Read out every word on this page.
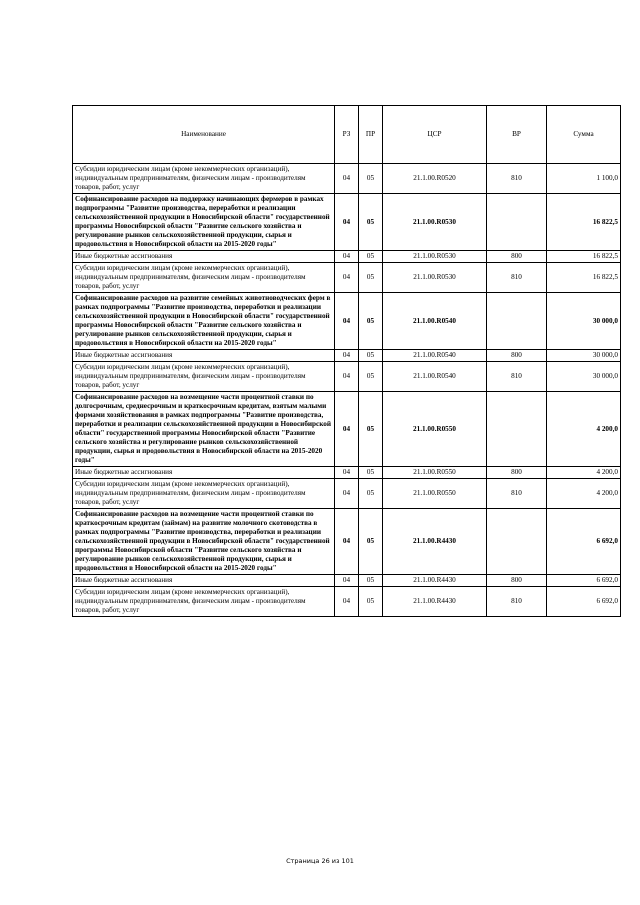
Наименование	РЗ	ПР	ЦСР	ВР	Сумма
Субсидии юридическим лицам (кроме некоммерческих организаций), индивидуальным предпринимателям, физическим лицам - производителям товаров, работ, услуг	04	05	21.1.00.R0520	810	1 100,0
Софинансирование расходов на поддержку начинающих фермеров в рамках подпрограммы "Развитие производства, переработки и реализации сельскохозяйственной продукции в Новосибирской области" государственной программы Новосибирской области "Развитие сельского хозяйства и регулирование рынков сельскохозяйственной продукции, сырья и продовольствия в Новосибирской области на 2015-2020 годы"	04	05	21.1.00.R0530		16 822,5
Иные бюджетные ассигнования	04	05	21.1.00.R0530	800	16 822,5
Субсидии юридическим лицам (кроме некоммерческих организаций), индивидуальным предпринимателям, физическим лицам - производителям товаров, работ, услуг	04	05	21.1.00.R0530	810	16 822,5
Софинансирование расходов на развитие семейных животноводческих ферм в рамках подпрограммы "Развитие производства, переработки и реализации сельскохозяйственной продукции в Новосибирской области" государственной программы Новосибирской области "Развитие сельского хозяйства и регулирование рынков сельскохозяйственной продукции, сырья и продовольствия в Новосибирской области на 2015-2020 годы"	04	05	21.1.00.R0540		30 000,0
Иные бюджетные ассигнования	04	05	21.1.00.R0540	800	30 000,0
Субсидии юридическим лицам (кроме некоммерческих организаций), индивидуальным предпринимателям, физическим лицам - производителям товаров, работ, услуг	04	05	21.1.00.R0540	810	30 000,0
Софинансирование расходов на возмещение части процентной ставки по долгосрочным, среднесрочным и краткосрочным кредитам, взятым малыми формами хозяйствования в рамках подпрограммы "Развитие производства, переработки и реализации сельскохозяйственной продукции в Новосибирской области" государственной программы Новосибирской области "Развитие сельского хозяйства и регулирование рынков сельскохозяйственной продукции, сырья и продовольствия в Новосибирской области на 2015-2020 годы"	04	05	21.1.00.R0550		4 200,0
Иные бюджетные ассигнования	04	05	21.1.00.R0550	800	4 200,0
Субсидии юридическим лицам (кроме некоммерческих организаций), индивидуальным предпринимателям, физическим лицам - производителям товаров, работ, услуг	04	05	21.1.00.R0550	810	4 200,0
Софинансирование расходов на возмещение части процентной ставки по краткосрочным кредитам (займам) на развитие молочного скотоводства в рамках подпрограммы "Развитие производства, переработки и реализации сельскохозяйственной продукции в Новосибирской области" государственной программы Новосибирской области "Развитие сельского хозяйства и регулирование рынков сельскохозяйственной продукции, сырья и продовольствия в Новосибирской области на 2015-2020 годы"	04	05	21.1.00.R4430		6 692,0
Иные бюджетные ассигнования	04	05	21.1.00.R4430	800	6 692,0
Субсидии юридическим лицам (кроме некоммерческих организаций), индивидуальным предпринимателям, физическим лицам - производителям товаров, работ, услуг	04	05	21.1.00.R4430	810	6 692,0
Страница 26 из 101
